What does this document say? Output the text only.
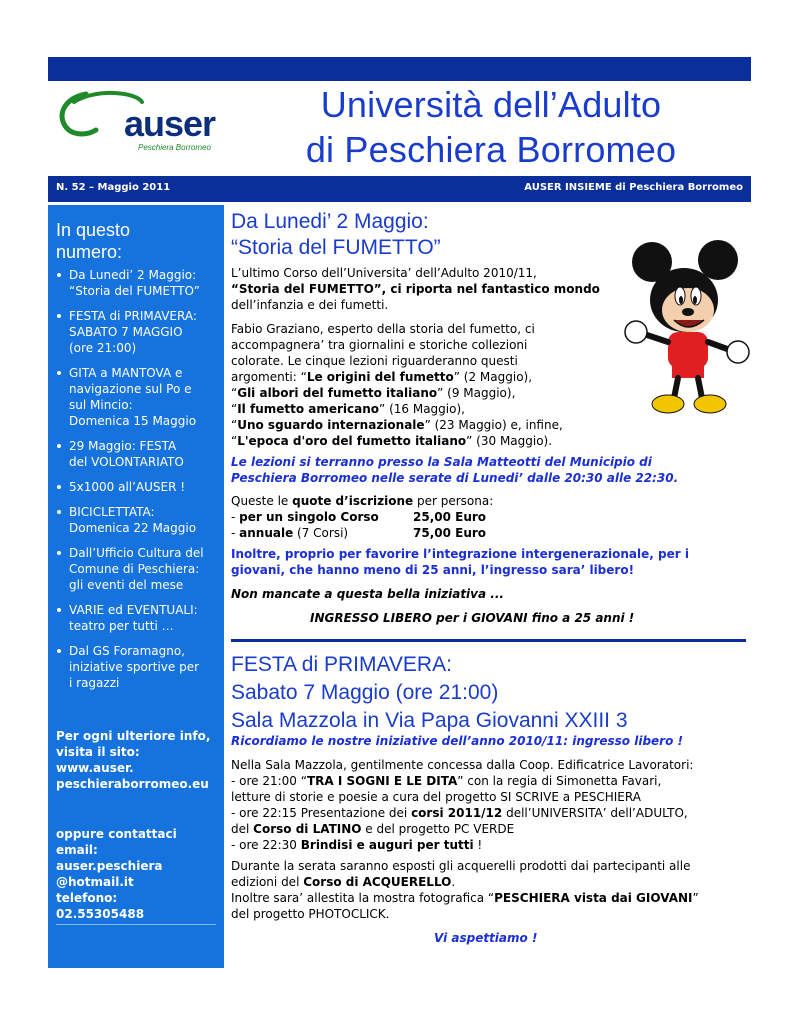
auser
Peschiera Borromeo
Università dell’Adulto
di Peschiera Borromeo
N. 52 – Maggio 2011	AUSER INSIEME di Peschiera Borromeo
In questo
numero:
Da Lunedi’ 2 Maggio:
“Storia del FUMETTO”
FESTA di PRIMAVERA:
SABATO 7 MAGGIO
(ore 21:00)
GITA a MANTOVA e
navigazione sul Po e
sul Mincio:
Domenica 15 Maggio
29 Maggio: FESTA
del VOLONTARIATO
5x1000 all’AUSER !
BICICLETTATA:
Domenica 22 Maggio
Dall’Ufficio Cultura del
Comune di Peschiera:
gli eventi del mese
VARIE ed EVENTUALI:
teatro per tutti …
Dal GS Foramagno,
iniziative sportive per
i ragazzi
Per ogni ulteriore info,
visita il sito:
www.auser.
peschieraborromeo.eu
oppure contattaci
email:
auser.peschiera
@hotmail.it
telefono:
02.55305488
Da Lunedi’ 2 Maggio:
“Storia del FUMETTO”
L’ultimo Corso dell’Universita’ dell’Adulto 2010/11,
“Storia del FUMETTO”, ci riporta nel fantastico mondo
dell’infanzia e dei fumetti.
Fabio Graziano, esperto della storia del fumetto, ci
accompagnera’ tra giornalini e storiche collezioni
colorate. Le cinque lezioni riguarderanno questi
argomenti: “Le origini del fumetto” (2 Maggio),
“Gli albori del fumetto italiano” (9 Maggio),
“Il fumetto americano” (16 Maggio),
“Uno sguardo internazionale” (23 Maggio) e, infine,
“L'epoca d'oro del fumetto italiano” (30 Maggio).
Le lezioni si terranno presso la Sala Matteotti del Municipio di
Peschiera Borromeo nelle serate di Lunedi’ dalle 20:30 alle 22:30.
Queste le quote d’iscrizione per persona:
- per un singolo Corso	25,00 Euro
- annuale (7 Corsi)	75,00 Euro
Inoltre, proprio per favorire l’integrazione intergenerazionale, per i
giovani, che hanno meno di 25 anni, l’ingresso sara’ libero!
Non mancate a questa bella iniziativa ...
INGRESSO LIBERO per i GIOVANI fino a 25 anni !
FESTA di PRIMAVERA:
Sabato 7 Maggio (ore 21:00)
Sala Mazzola in Via Papa Giovanni XXIII 3
Ricordiamo le nostre iniziative dell’anno 2010/11: ingresso libero !
Nella Sala Mazzola, gentilmente concessa dalla Coop. Edificatrice Lavoratori:
- ore 21:00 “TRA I SOGNI E LE DITA” con la regia di Simonetta Favari,
letture di storie e poesie a cura del progetto SI SCRIVE a PESCHIERA
- ore 22:15 Presentazione dei corsi 2011/12 dell’UNIVERSITA’ dell’ADULTO,
del Corso di LATINO e del progetto PC VERDE
- ore 22:30 Brindisi e auguri per tutti !
Durante la serata saranno esposti gli acquerelli prodotti dai partecipanti alle
edizioni del Corso di ACQUERELLO.
Inoltre sara’ allestita la mostra fotografica “PESCHIERA vista dai GIOVANI”
del progetto PHOTOCLICK.
Vi aspettiamo !
